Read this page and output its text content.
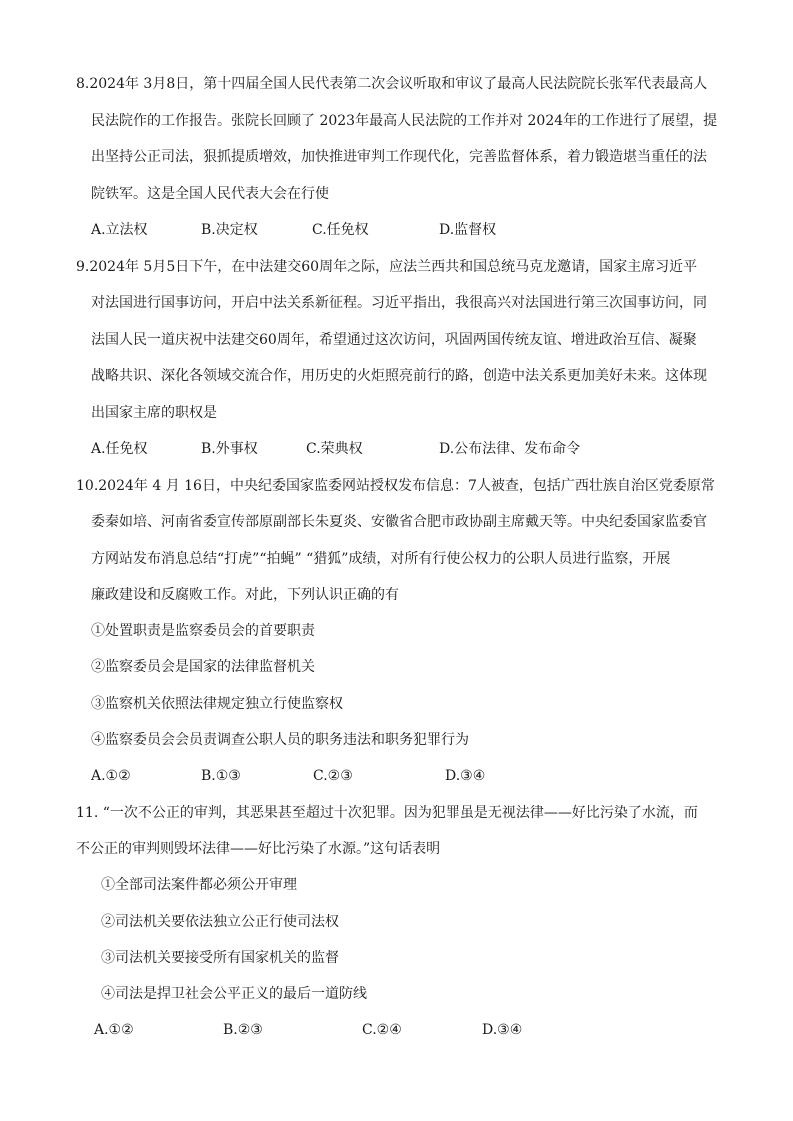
8.2024年 3月8日，第十四届全国人民代表第二次会议听取和审议了最高人民法院院长张军代表最高人
民法院作的工作报告。张院长回顾了 2023年最高人民法院的工作并对 2024年的工作进行了展望，提
出坚持公正司法，狠抓提质增效，加快推进审判工作现代化，完善监督体系，着力锻造堪当重任的法
院铁军。这是全国人民代表大会在行使
A.立法权	B.决定权	C.任免权	D.监督权
9.2024年 5月5日下午，在中法建交60周年之际，应法兰西共和国总统马克龙邀请，国家主席习近平
对法国进行国事访问，开启中法关系新征程。习近平指出，我很高兴对法国进行第三次国事访问，同
法国人民一道庆祝中法建交60周年，希望通过这次访问，巩固两国传统友谊、增进政治互信、凝聚
战略共识、深化各领域交流合作，用历史的火炬照亮前行的路，创造中法关系更加美好未来。这体现
出国家主席的职权是
A.任免权	B.外事权	C.荣典权	D.公布法律、发布命令
10.2024年 4 月 16日，中央纪委国家监委网站授权发布信息：7人被查，包括广西壮族自治区党委原常
委秦如培、河南省委宣传部原副部长朱夏炎、安徽省合肥市政协副主席戴天等。中央纪委国家监委官
方网站发布消息总结“打虎”“拍蝇” “猎狐”成绩，对所有行使公权力的公职人员进行监察，开展
廉政建设和反腐败工作。对此，下列认识正确的有
①处置职责是监察委员会的首要职责
②监察委员会是国家的法律监督机关
③监察机关依照法律规定独立行使监察权
④监察委员会会员责调查公职人员的职务违法和职务犯罪行为
A.①②	B.①③	C.②③	D.③④
11. “一次不公正的审判，其恶果甚至超过十次犯罪。因为犯罪虽是无视法律——好比污染了水流，而
不公正的审判则毁坏法律——好比污染了水源。”这句话表明
①全部司法案件都必须公开审理
②司法机关要依法独立公正行使司法权
③司法机关要接受所有国家机关的监督
④司法是捍卫社会公平正义的最后一道防线
A.①②	B.②③	C.②④	D.③④
